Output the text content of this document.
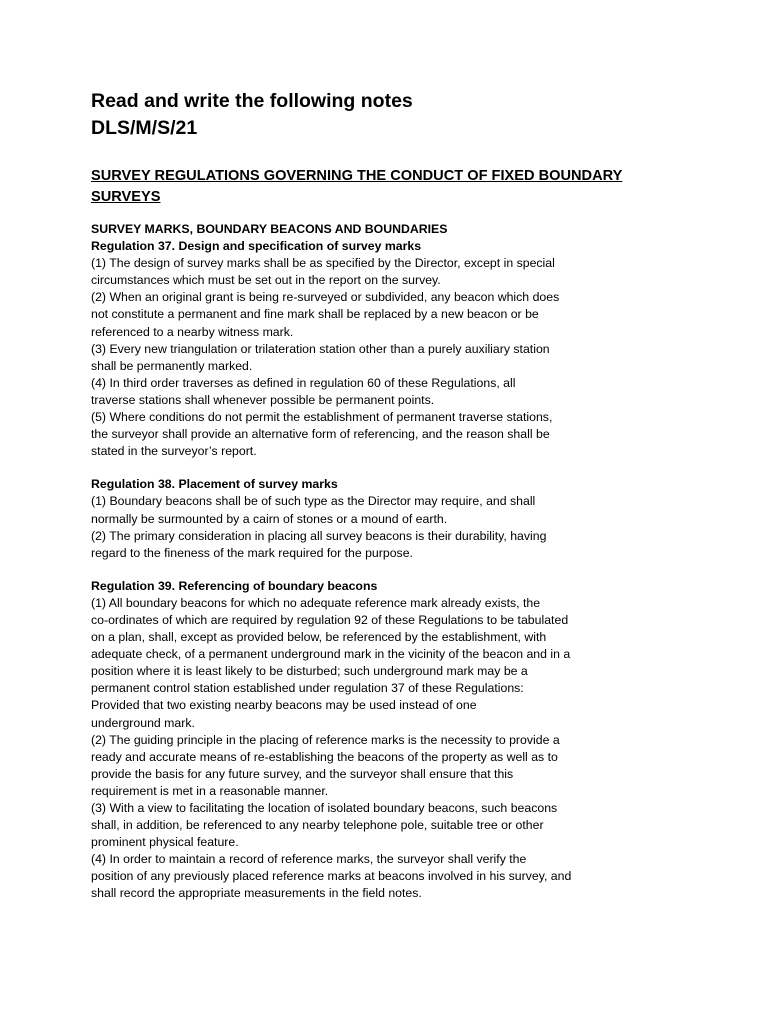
Read and write the following notes
DLS/M/S/21
SURVEY REGULATIONS GOVERNING THE CONDUCT OF FIXED BOUNDARY
SURVEYS
SURVEY MARKS, BOUNDARY BEACONS AND BOUNDARIES
Regulation 37. Design and specification of survey marks
(1) The design of survey marks shall be as specified by the Director, except in special
circumstances which must be set out in the report on the survey.
(2) When an original grant is being re-surveyed or subdivided, any beacon which does
not constitute a permanent and fine mark shall be replaced by a new beacon or be
referenced to a nearby witness mark.
(3) Every new triangulation or trilateration station other than a purely auxiliary station
shall be permanently marked.
(4) In third order traverses as defined in regulation 60 of these Regulations, all
traverse stations shall whenever possible be permanent points.
(5) Where conditions do not permit the establishment of permanent traverse stations,
the surveyor shall provide an alternative form of referencing, and the reason shall be
stated in the surveyor’s report.
Regulation 38. Placement of survey marks
(1) Boundary beacons shall be of such type as the Director may require, and shall
normally be surmounted by a cairn of stones or a mound of earth.
(2) The primary consideration in placing all survey beacons is their durability, having
regard to the fineness of the mark required for the purpose.
Regulation 39. Referencing of boundary beacons
(1) All boundary beacons for which no adequate reference mark already exists, the
co-ordinates of which are required by regulation 92 of these Regulations to be tabulated
on a plan, shall, except as provided below, be referenced by the establishment, with
adequate check, of a permanent underground mark in the vicinity of the beacon and in a
position where it is least likely to be disturbed; such underground mark may be a
permanent control station established under regulation 37 of these Regulations:
Provided that two existing nearby beacons may be used instead of one
underground mark.
(2) The guiding principle in the placing of reference marks is the necessity to provide a
ready and accurate means of re-establishing the beacons of the property as well as to
provide the basis for any future survey, and the surveyor shall ensure that this
requirement is met in a reasonable manner.
(3) With a view to facilitating the location of isolated boundary beacons, such beacons
shall, in addition, be referenced to any nearby telephone pole, suitable tree or other
prominent physical feature.
(4) In order to maintain a record of reference marks, the surveyor shall verify the
position of any previously placed reference marks at beacons involved in his survey, and
shall record the appropriate measurements in the field notes.
